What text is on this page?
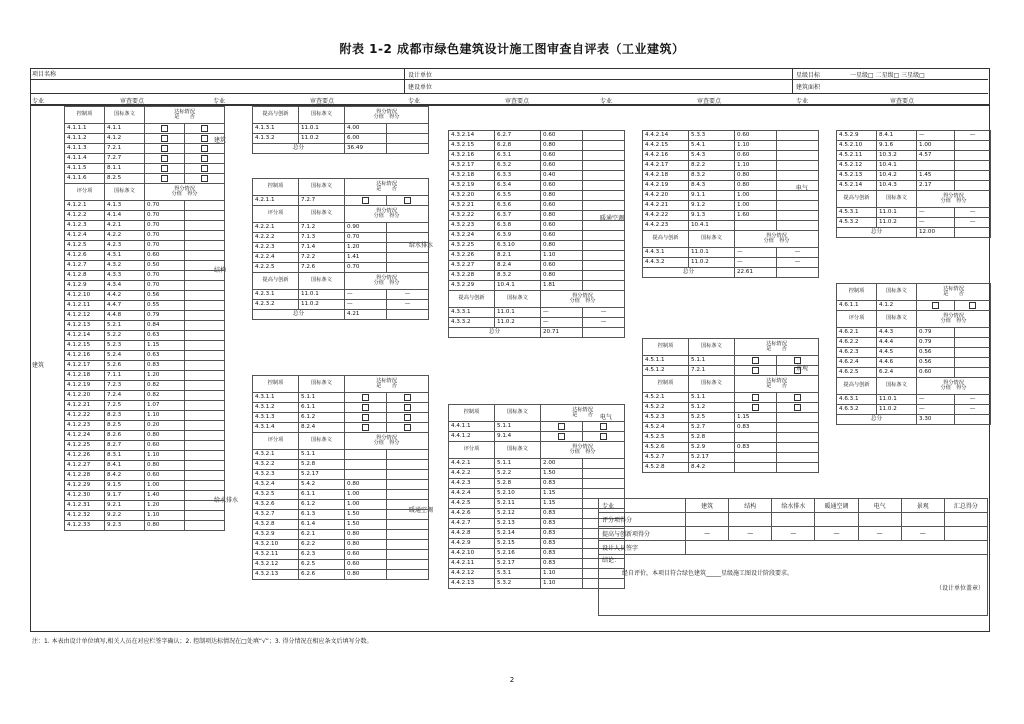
附表 1-2 成都市绿色建筑设计施工图审查自评表（工业建筑）
项目名称
建设单位
设计单位	星级目标	一星级□ 二星级□ 三星级□
建筑面积
专业	审查要点	专业	审查要点	专业	审查要点	专业	审查要点	专业	审查要点
建筑
建筑
结构
给水排水
给水排水
暖通空调
暖通空调
电气
电气
景观
控制项	国标条文	达标情况
是　　否	

4.1.1.1	4.1.1		
4.1.1.2	4.1.2		
4.1.1.3	7.2.1		
4.1.1.4	7.2.7		
4.1.1.5	8.1.1		
4.1.1.6	8.2.5		
评分项	国标条文	得分情况
分值　得分	

4.1.2.1	4.1.3	0.70	
4.1.2.2	4.1.4	0.70	
4.1.2.3	4.2.1	0.70	
4.1.2.4	4.2.2	0.70	
4.1.2.5	4.2.3	0.70	
4.1.2.6	4.3.1	0.60	
4.1.2.7	4.3.2	0.50	
4.1.2.8	4.3.3	0.70	
4.1.2.9	4.3.4	0.70	
4.1.2.10	4.4.2	0.56	
4.1.2.11	4.4.7	0.55	
4.1.2.12	4.4.8	0.79	
4.1.2.13	5.2.1	0.84	
4.1.2.14	5.2.2	0.63	
4.1.2.15	5.2.3	1.15	
4.1.2.16	5.2.4	0.63	
4.1.2.17	5.2.6	0.83	
4.1.2.18	7.1.1	1.20	
4.1.2.19	7.2.3	0.82	
4.1.2.20	7.2.4	0.82	
4.1.2.21	7.2.5	1.07	
4.1.2.22	8.2.3	1.10	
4.1.2.23	8.2.5	0.20	
4.1.2.24	8.2.6	0.80	
4.1.2.25	8.2.7	0.60	
4.1.2.26	8.3.1	1.10	
4.1.2.27	8.4.1	0.80	
4.1.2.28	8.4.2	0.60	
4.1.2.29	9.1.5	1.00	
4.1.2.30	9.1.7	1.40	
4.1.2.31	9.2.1	1.20	
4.1.2.32	9.2.2	1.10	
4.1.2.33	9.2.3	0.80	
提高与创新	国标条文	得分情况
分值　得分	

4.1.3.1	11.0.1	4.00	
4.1.3.2	11.0.2	6.00	
总分		36.49	
控制项	国标条文	达标情况
是　　否	

4.2.1.1	7.2.7		
评分项	国标条文	得分情况
分值　得分	

4.2.2.1	7.1.2	0.90	
4.2.2.2	7.1.3	0.70	
4.2.2.3	7.1.4	1.20	
4.2.2.4	7.2.2	1.41	
4.2.2.5	7.2.6	0.70	
提高与创新	国标条文	得分情况
分值　得分	

4.2.3.1	11.0.1	—	—
4.2.3.2	11.0.2	—	—
总分		4.21	
控制项	国标条文	达标情况
是　　否	

4.3.1.1	5.1.1		
4.3.1.2	6.1.1		
4.3.1.3	6.1.2		
4.3.1.4	8.2.4		
评分项	国标条文	得分情况
分值　得分	

4.3.2.1	5.1.1		
4.3.2.2	5.2.8		
4.3.2.3	5.2.17		
4.3.2.4	5.4.2	0.80	
4.3.2.5	6.1.1	1.00	
4.3.2.6	6.1.2	1.00	
4.3.2.7	6.1.3	1.50	
4.3.2.8	6.1.4	1.50	
4.3.2.9	6.2.1	0.80	
4.3.2.10	6.2.2	0.80	
4.3.2.11	6.2.3	0.60	
4.3.2.12	6.2.5	0.60	
4.3.2.13	6.2.6	0.80	
4.3.2.14	6.2.7	0.60	
4.3.2.15	6.2.8	0.80	
4.3.2.16	6.3.1	0.60	
4.3.2.17	6.3.2	0.60	
4.3.2.18	6.3.3	0.40	
4.3.2.19	6.3.4	0.60	
4.3.2.20	6.3.5	0.80	
4.3.2.21	6.3.6	0.60	
4.3.2.22	6.3.7	0.80	
4.3.2.23	6.3.8	0.60	
4.3.2.24	6.3.9	0.60	
4.3.2.25	6.3.10	0.80	
4.3.2.26	8.2.1	1.10	
4.3.2.27	8.2.4	0.60	
4.3.2.28	8.3.2	0.80	
4.3.2.29	10.4.1	1.81	
提高与创新	国标条文	得分情况
分值　得分	

4.3.3.1	11.0.1	—	—
4.3.3.2	11.0.2	—	—
总分		20.71	
控制项	国标条文	达标情况
是　　否	

4.4.1.1	5.1.1		
4.4.1.2	9.1.4		
评分项	国标条文	得分情况
分值　得分	

4.4.2.1	5.1.1	2.00	
4.4.2.2	5.2.2	1.50	
4.4.2.3	5.2.8	0.83	
4.4.2.4	5.2.10	1.15	
4.4.2.5	5.2.11	1.15	
4.4.2.6	5.2.12	0.83	
4.4.2.7	5.2.13	0.83	
4.4.2.8	5.2.14	0.83	
4.4.2.9	5.2.15	0.83	
4.4.2.10	5.2.16	0.83	
4.4.2.11	5.2.17	0.83	
4.4.2.12	5.3.1	1.10	
4.4.2.13	5.3.2	1.10	
4.4.2.14	5.3.3	0.60	
4.4.2.15	5.4.1	1.10	
4.4.2.16	5.4.3	0.60	
4.4.2.17	8.2.2	1.10	
4.4.2.18	8.3.2	0.80	
4.4.2.19	8.4.3	0.80	
4.4.2.20	9.1.1	1.00	
4.4.2.21	9.1.2	1.00	
4.4.2.22	9.1.3	1.60	
4.4.2.23	10.4.1		
提高与创新	国标条文	得分情况
分值　得分	

4.4.3.1	11.0.1	—	—
4.4.3.2	11.0.2	—	—
总分		22.61	
控制项	国标条文	达标情况
是　　否	

4.5.1.1	5.1.1		
4.5.1.2	7.2.1		
控制项	国标条文	达标情况
是　　否	

4.5.2.1	5.1.1		
4.5.2.2	5.1.2		
4.5.2.3	5.2.5	1.15	
4.5.2.4	5.2.7	0.83	
4.5.2.5	5.2.8		
4.5.2.6	5.2.9	0.83	
4.5.2.7	5.2.17		
4.5.2.8	8.4.2		
4.5.2.9	8.4.1	—	—
4.5.2.10	9.1.6	1.00	
4.5.2.11	10.3.2	4.57	
4.5.2.12	10.4.1		
4.5.2.13	10.4.2	1.45	
4.5.2.14	10.4.3	2.17	
提高与创新	国标条文	得分情况
分值　得分	

4.5.3.1	11.0.1	—	—
4.5.3.2	11.0.2	—	—
总分		12.00	
控制项	国标条文	达标情况
是　　否	

4.6.1.1	4.1.2		
评分项	国标条文	得分情况
分值　得分	

4.6.2.1	4.4.3	0.79	
4.6.2.2	4.4.4	0.79	
4.6.2.3	4.4.5	0.56	
4.6.2.4	4.4.6	0.56	
4.6.2.5	6.2.4	0.60	
提高与创新	国标条文	得分情况
分值　得分	

4.6.3.1	11.0.1	—	—
4.6.3.2	11.0.2	—	—
总分		3.30	
专业	建筑	结构	给水排水	暖通空调	电气	景观	汇总得分
评分项得分							
提高与创新项得分	—	—	—	—	—	—	
设计人员签字							

结论：
经自评价，本项目符合绿色建筑_____星级施工图设计阶段要求。
（设计单位盖章）							
注：1. 本表由设计单位填写,相关人员在对应栏签字确认；2. 控制项达标情况在□处填“√”；3. 得分情况在相应条文后填写分数。
2
